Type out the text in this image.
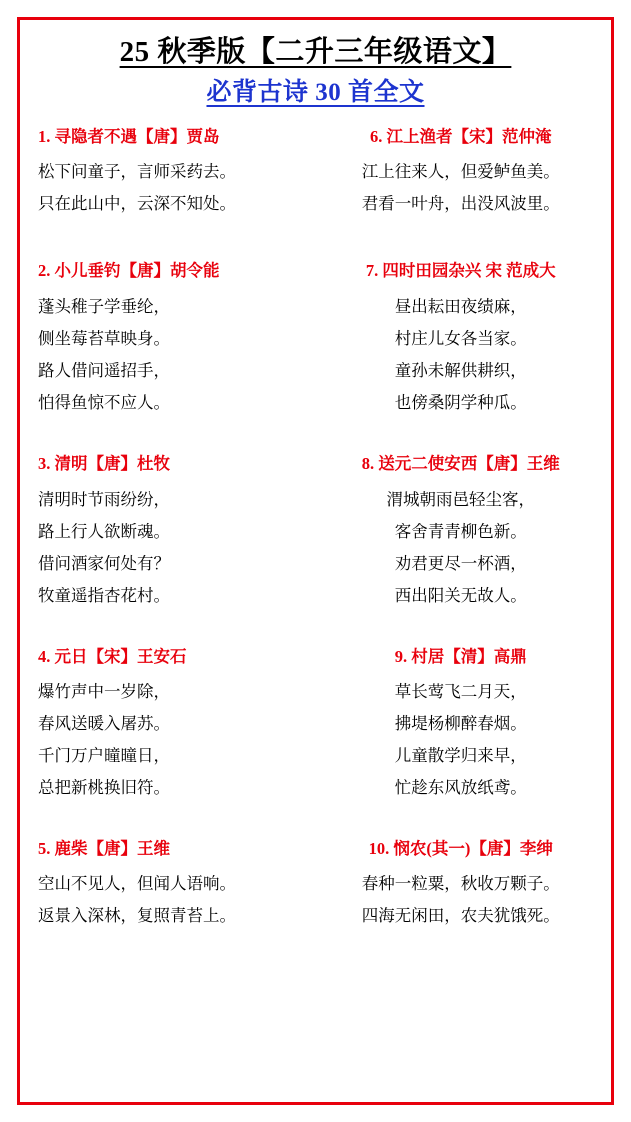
25 秋季版【二升三年级语文】
必背古诗 30 首全文
1. 寻隐者不遇【唐】贾岛
松下问童子，言师采药去。
只在此山中，云深不知处。
2. 小儿垂钓【唐】胡令能
蓬头稚子学垂纶，
侧坐莓苔草映身。
路人借问遥招手，
怕得鱼惊不应人。
3. 清明【唐】杜牧
清明时节雨纷纷，
路上行人欲断魂。
借问酒家何处有？
牧童遥指杏花村。
4. 元日【宋】王安石
爆竹声中一岁除，
春风送暖入屠苏。
千门万户曈曈日，
总把新桃换旧符。
5. 鹿柴【唐】王维
空山不见人，但闻人语响。
返景入深林，复照青苔上。
6. 江上渔者【宋】范仲淹
江上往来人，但爱鲈鱼美。
君看一叶舟，出没风波里。
7. 四时田园杂兴 宋 范成大
昼出耘田夜绩麻，
村庄儿女各当家。
童孙未解供耕织，
也傍桑阴学种瓜。
8. 送元二使安西【唐】王维
渭城朝雨邑轻尘客，
客舍青青柳色新。
劝君更尽一杯酒，
西出阳关无故人。
9. 村居【清】高鼎
草长莺飞二月天，
拂堤杨柳醉春烟。
儿童散学归来早，
忙趁东风放纸鸢。
10. 悯农(其一)【唐】李绅
春种一粒粟，秋收万颗子。
四海无闲田，农夫犹饿死。
